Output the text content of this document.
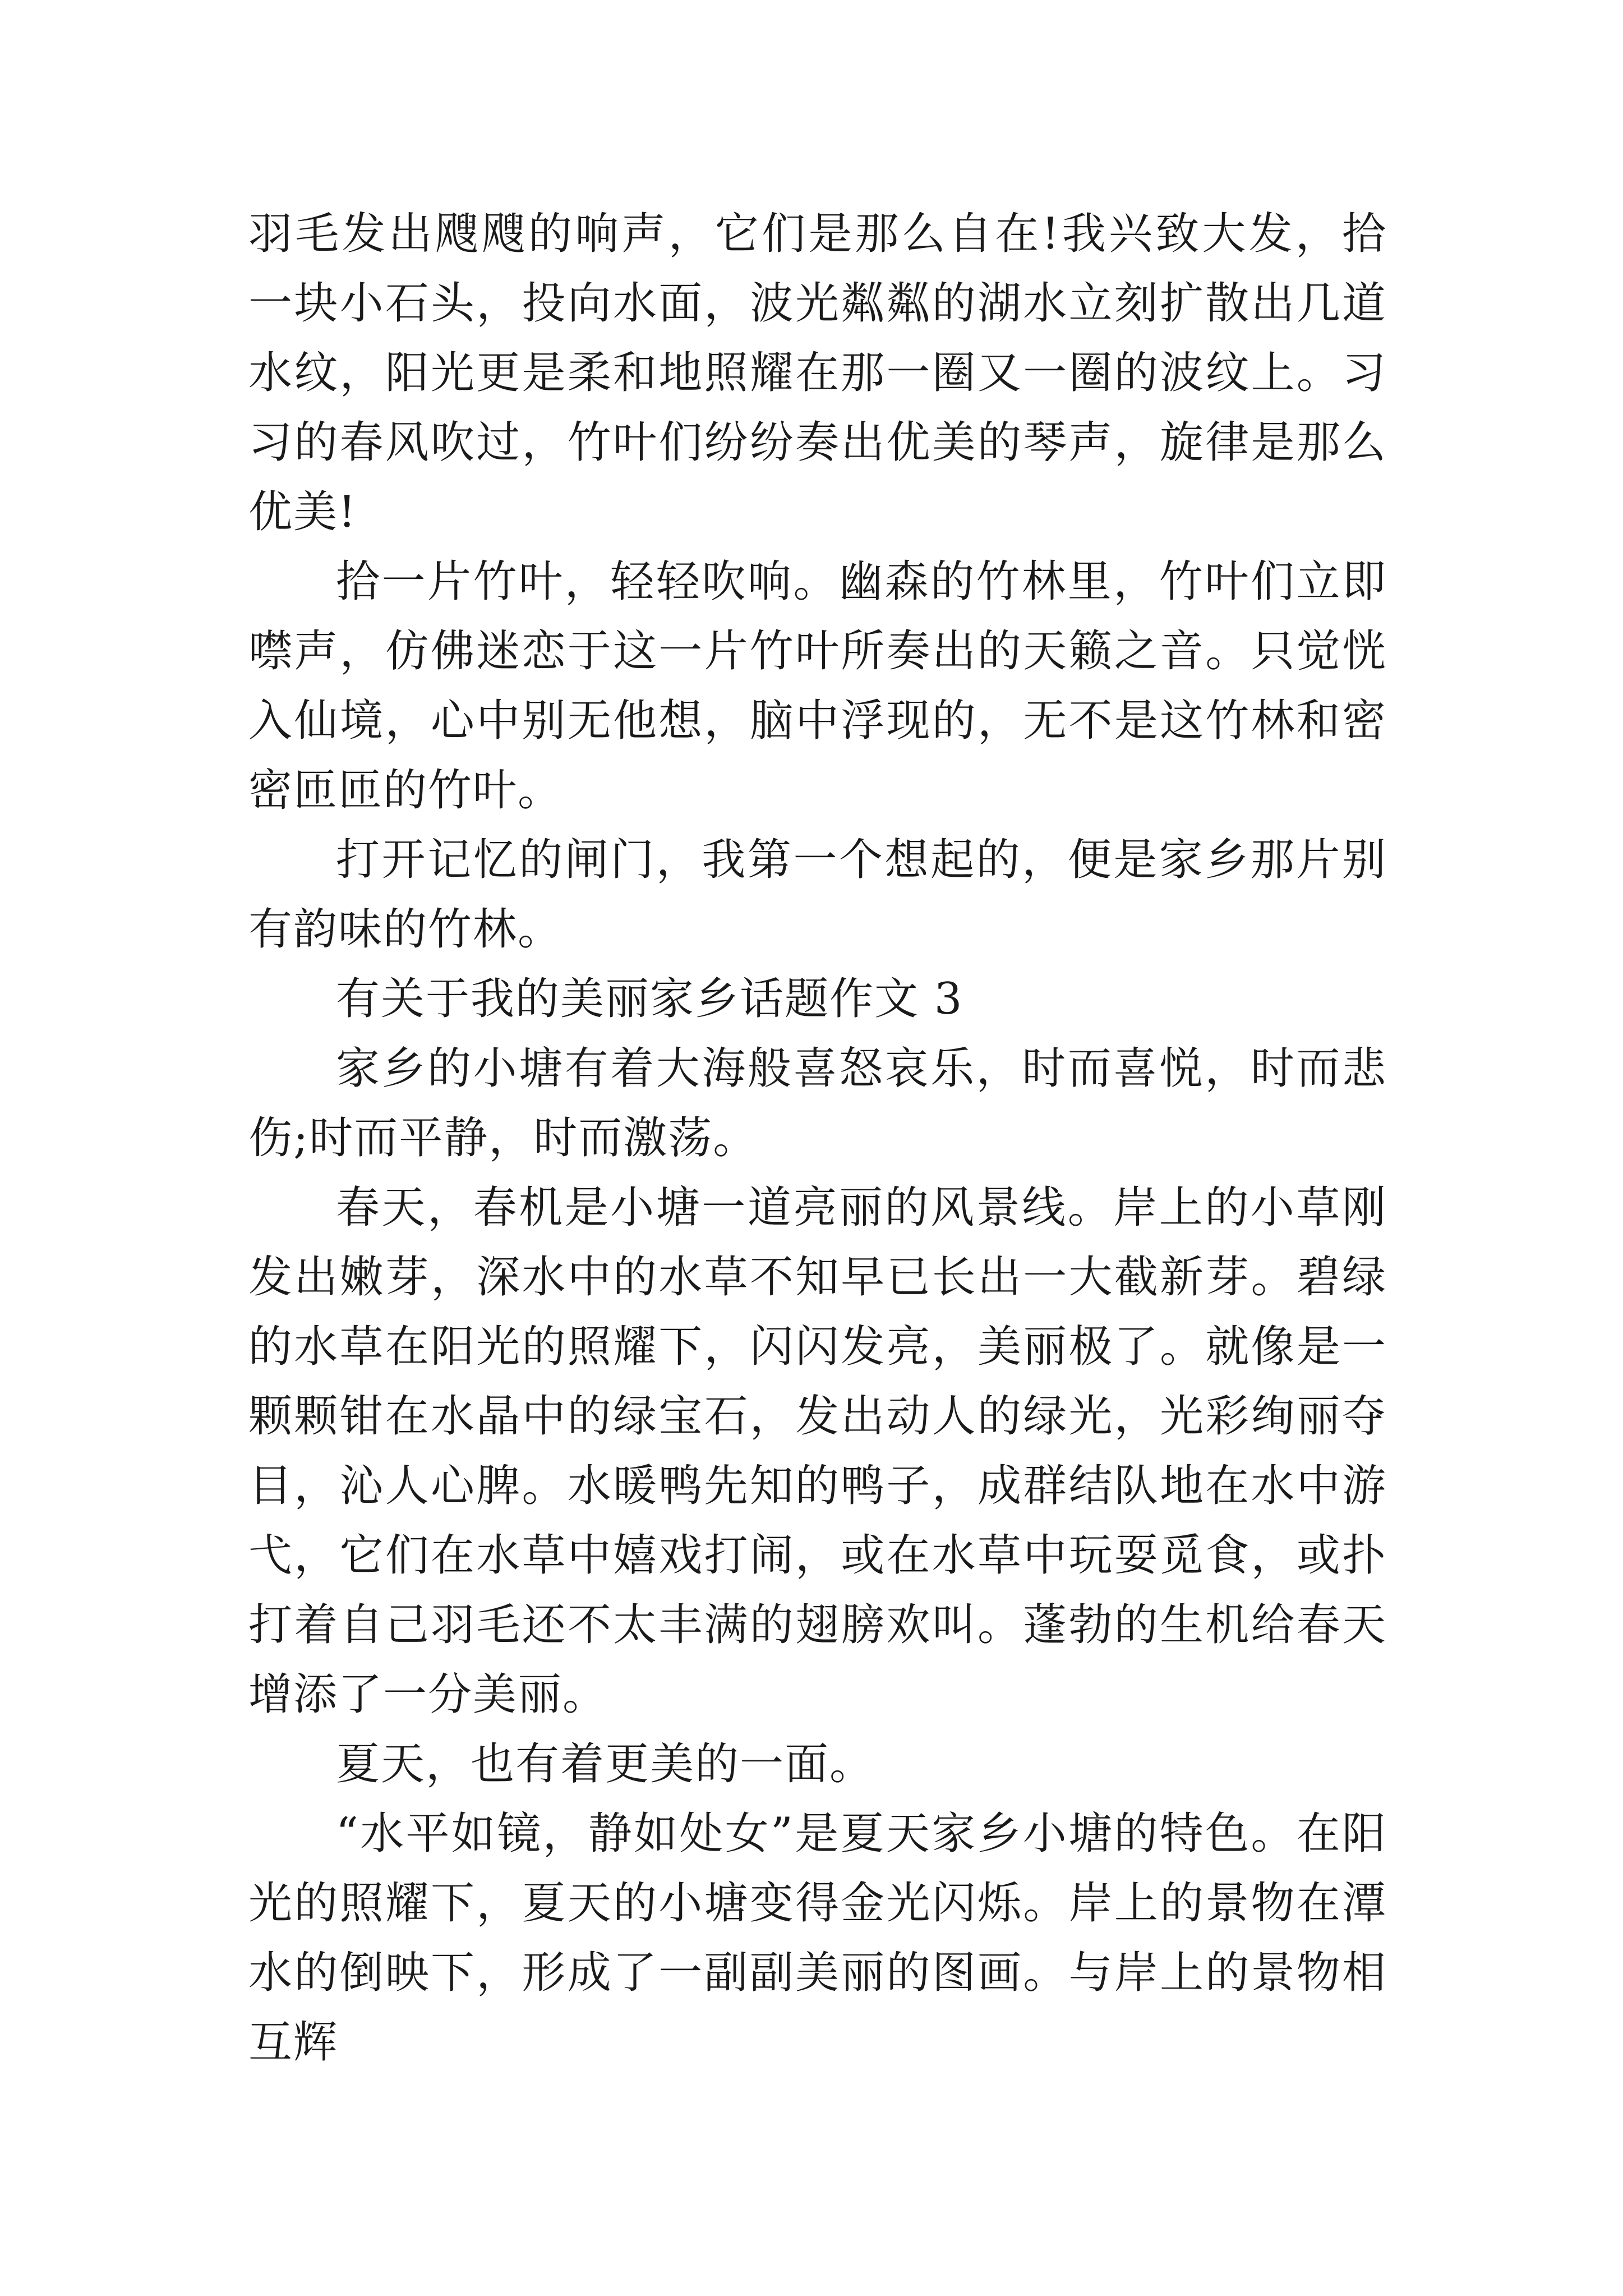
羽毛发出飕飕的响声，它们是那么自在!我兴致大发，拾一块小石头，投向水面，波光粼粼的湖水立刻扩散出几道水纹，阳光更是柔和地照耀在那一圈又一圈的波纹上。习习的春风吹过，竹叶们纷纷奏出优美的琴声，旋律是那么优美!

拾一片竹叶，轻轻吹响。幽森的竹林里，竹叶们立即噤声，仿佛迷恋于这一片竹叶所奏出的天籁之音。只觉恍入仙境，心中别无他想，脑中浮现的，无不是这竹林和密密匝匝的竹叶。

打开记忆的闸门，我第一个想起的，便是家乡那片别有韵味的竹林。

有关于我的美丽家乡话题作文 3

家乡的小塘有着大海般喜怒哀乐，时而喜悦，时而悲伤;时而平静，时而激荡。

春天，春机是小塘一道亮丽的风景线。岸上的小草刚发出嫩芽，深水中的水草不知早已长出一大截新芽。碧绿的水草在阳光的照耀下，闪闪发亮，美丽极了。就像是一颗颗钳在水晶中的绿宝石，发出动人的绿光，光彩绚丽夺目，沁人心脾。水暖鸭先知的鸭子，成群结队地在水中游弋，它们在水草中嬉戏打闹，或在水草中玩耍觅食，或扑打着自己羽毛还不太丰满的翅膀欢叫。蓬勃的生机给春天增添了一分美丽。

夏天，也有着更美的一面。

“水平如镜，静如处女”是夏天家乡小塘的特色。在阳光的照耀下，夏天的小塘变得金光闪烁。岸上的景物在潭水的倒映下，形成了一副副美丽的图画。与岸上的景物相互辉
